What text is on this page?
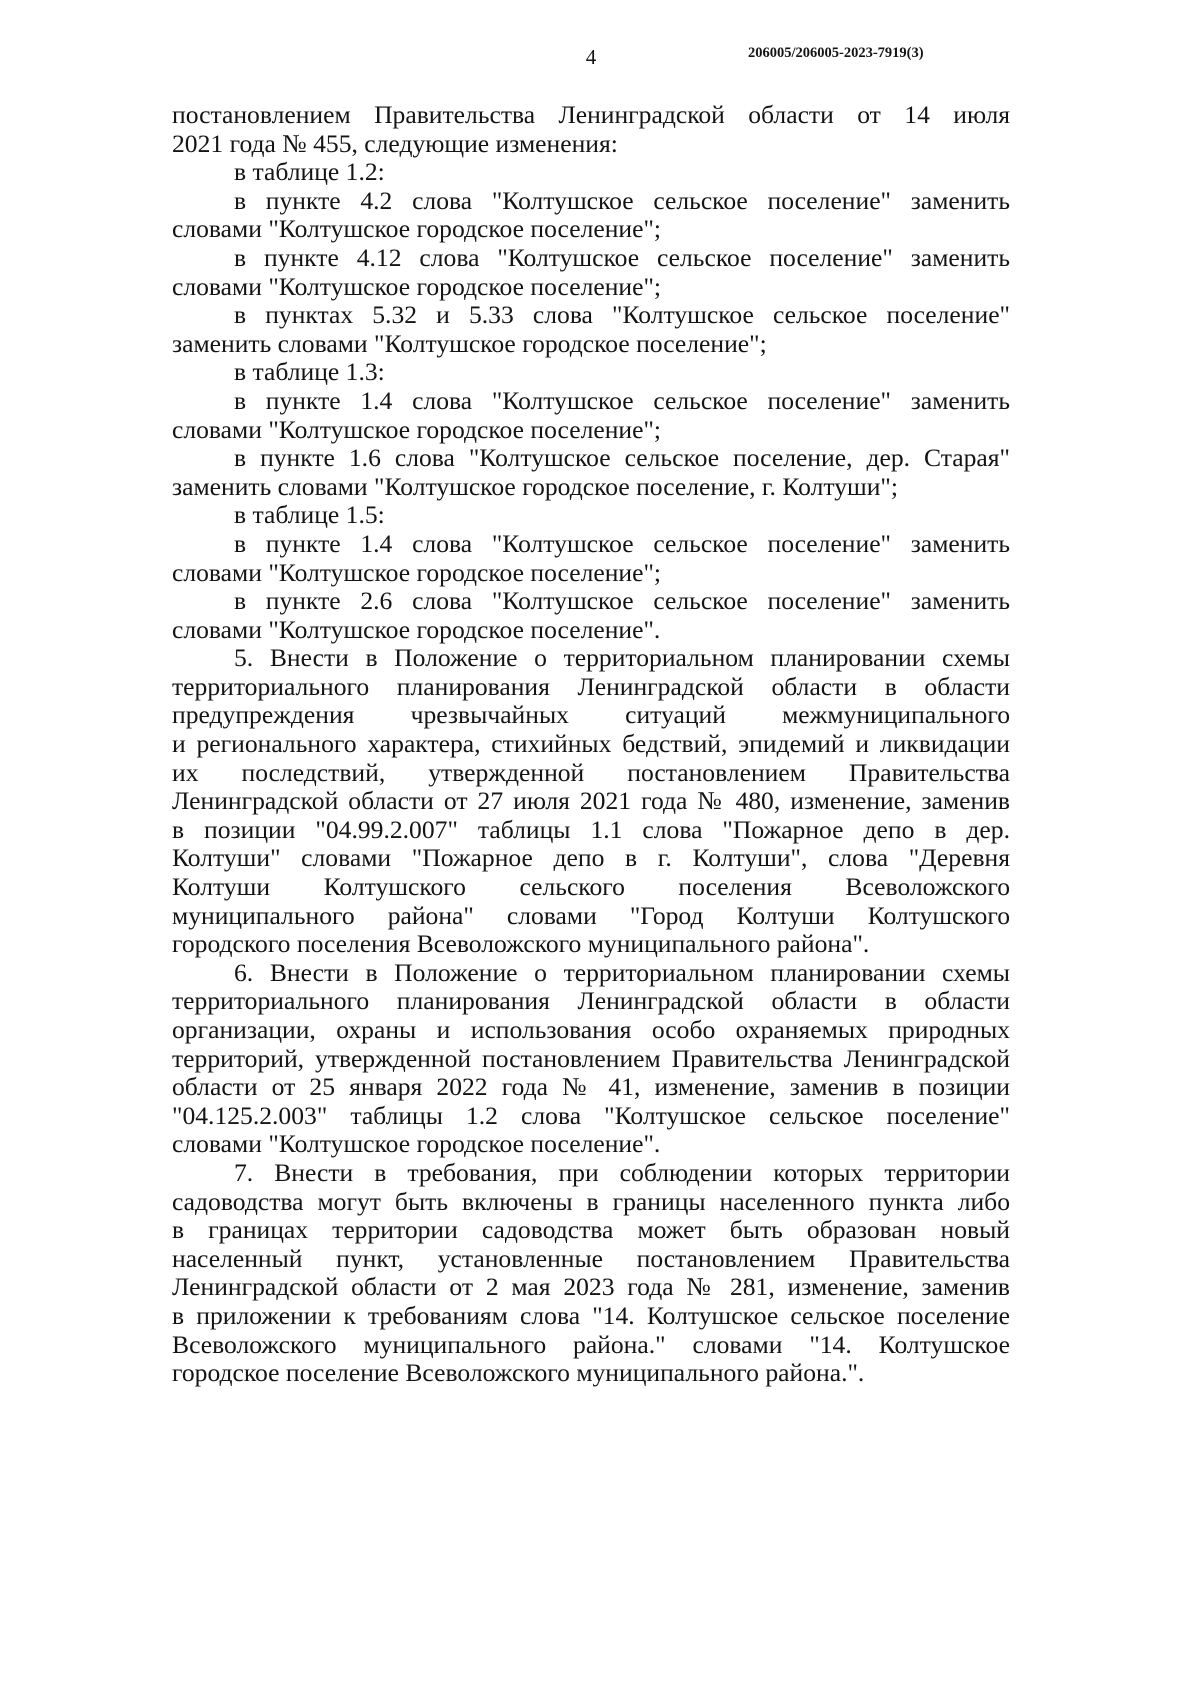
4	206005/206005-2023-7919(3)
постановлением Правительства Ленинградской области от 14 июля
2021 года № 455, следующие изменения:
в таблице 1.2:
в пункте 4.2 слова "Колтушское сельское поселение" заменить
словами "Колтушское городское поселение";
в пункте 4.12 слова "Колтушское сельское поселение" заменить
словами "Колтушское городское поселение";
в пунктах 5.32 и 5.33 слова "Колтушское сельское поселение"
заменить словами "Колтушское городское поселение";
в таблице 1.3:
в пункте 1.4 слова "Колтушское сельское поселение" заменить
словами "Колтушское городское поселение";
в пункте 1.6 слова "Колтушское сельское поселение, дер. Старая"
заменить словами "Колтушское городское поселение, г. Колтуши";
в таблице 1.5:
в пункте 1.4 слова "Колтушское сельское поселение" заменить
словами "Колтушское городское поселение";
в пункте 2.6 слова "Колтушское сельское поселение" заменить
словами "Колтушское городское поселение".
5. Внести в Положение о территориальном планировании схемы
территориального планирования Ленинградской области в области
предупреждения чрезвычайных ситуаций межмуниципального
и регионального характера, стихийных бедствий, эпидемий и ликвидации
их последствий, утвержденной постановлением Правительства
Ленинградской области от 27 июля 2021 года № 480, изменение, заменив
в позиции "04.99.2.007" таблицы 1.1 слова "Пожарное депо в дер.
Колтуши" словами "Пожарное депо в г. Колтуши", слова "Деревня
Колтуши Колтушского сельского поселения Всеволожского
муниципального района" словами "Город Колтуши Колтушского
городского поселения Всеволожского муниципального района".
6. Внести в Положение о территориальном планировании схемы
территориального планирования Ленинградской области в области
организации, охраны и использования особо охраняемых природных
территорий, утвержденной постановлением Правительства Ленинградской
области от 25 января 2022 года № 41, изменение, заменив в позиции
"04.125.2.003" таблицы 1.2 слова "Колтушское сельское поселение"
словами "Колтушское городское поселение".
7. Внести в требования, при соблюдении которых территории
садоводства могут быть включены в границы населенного пункта либо
в границах территории садоводства может быть образован новый
населенный пункт, установленные постановлением Правительства
Ленинградской области от 2 мая 2023 года № 281, изменение, заменив
в приложении к требованиям слова "14. Колтушское сельское поселение
Всеволожского муниципального района." словами "14. Колтушское
городское поселение Всеволожского муниципального района.".
